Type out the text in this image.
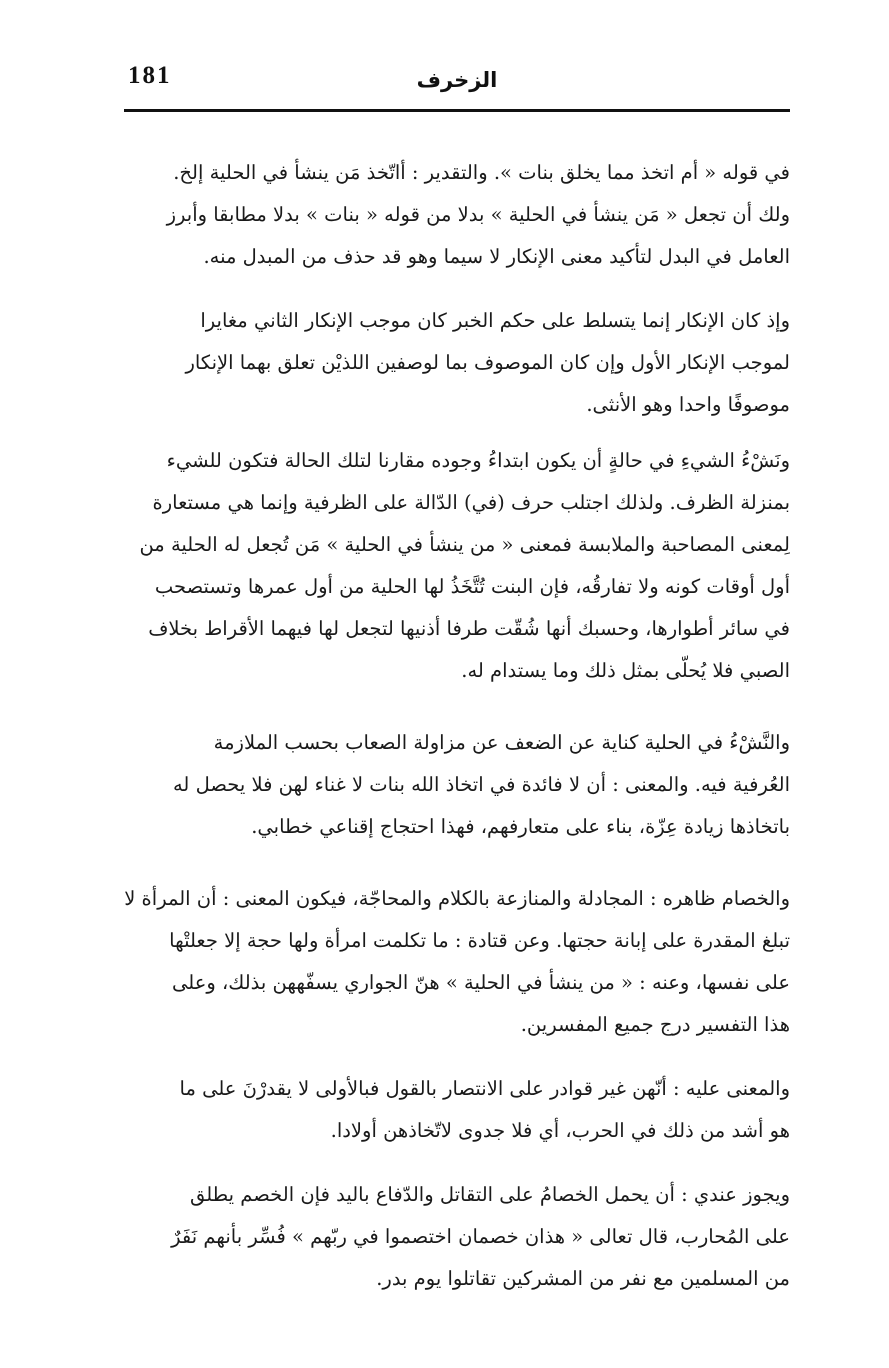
181	الزخرف
في قوله « أم اتخذ مما يخلق بنات ». والتقدير : أاتّخذ مَن ينشأ في الحلية إلخ.
ولك أن تجعل « مَن ينشأ في الحلية » بدلا من قوله « بنات » بدلا مطابقا وأبرز
العامل في البدل لتأكيد معنى الإنكار لا سيما وهو قد حذف من المبدل منه.
وإذ كان الإنكار إنما يتسلط على حكم الخبر كان موجب الإنكار الثاني مغايرا
لموجب الإنكار الأول وإن كان الموصوف بما لوصفين اللذيْن تعلق بهما الإنكار
موصوفًا واحدا وهو الأنثى.
ونَشْءُ الشيءِ في حالةٍ أن يكون ابتداءُ وجوده مقارنا لتلك الحالة فتكون للشيء
بمنزلة الظرف. ولذلك اجتلب حرف (في) الدّالة على الظرفية وإنما هي مستعارة
لِمعنى المصاحبة والملابسة فمعنى « من ينشأ في الحلية » مَن تُجعل له الحلية من
أول أوقات كونه ولا تفارقُه، فإن البنت تُتَّخَذُ لها الحلية من أول عمرها وتستصحب
في سائر أطوارها، وحسبك أنها شُقّت طرفا أذنيها لتجعل لها فيهما الأقراط بخلاف
الصبي فلا يُحلّى بمثل ذلك وما يستدام له.
والنَّشْءُ في الحلية كناية عن الضعف عن مزاولة الصعاب بحسب الملازمة
العُرفية فيه. والمعنى : أن لا فائدة في اتخاذ الله بنات لا غناء لهن فلا يحصل له
باتخاذها زيادة عِزّة، بناء على متعارفهم، فهذا احتجاج إقناعي خطابي.
والخصام ظاهره : المجادلة والمنازعة بالكلام والمحاجّة، فيكون المعنى : أن المرأة لا
تبلغ المقدرة على إبانة حجتها. وعن قتادة : ما تكلمت امرأة ولها حجة إلا جعلتْها
على نفسها، وعنه : « من ينشأ في الحلية » هنّ الجواري يسفّههن بذلك، وعلى
هذا التفسير درج جميع المفسرين.
والمعنى عليه : أنّهن غير قوادر على الانتصار بالقول فبالأولى لا يقدرْنَ على ما
هو أشد من ذلك في الحرب، أي فلا جدوى لاتّخاذهن أولادا.
ويجوز عندي : أن يحمل الخصامُ على التقاتل والدّفاع باليد فإن الخصم يطلق
على المُحارب، قال تعالى « هذان خصمان اختصموا في ربّهم » فُسِّر بأنهم نَفَرٌ
من المسلمين مع نفر من المشركين تقاتلوا يوم بدر.
